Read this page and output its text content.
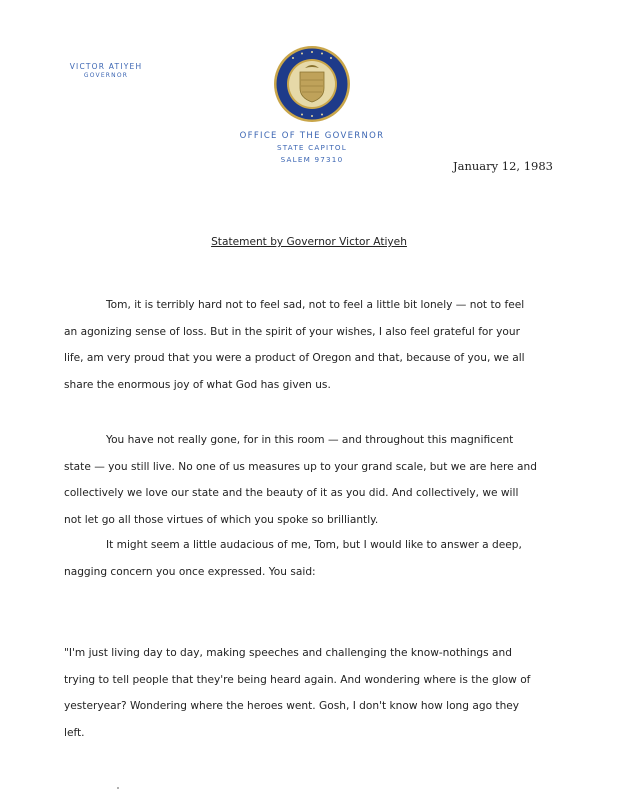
VICTOR ATIYEH
GOVERNOR
OFFICE OF THE GOVERNOR
STATE CAPITOL
SALEM 97310	January 12, 1983
Statement by Governor Victor Atiyeh
Tom, it is terribly hard not to feel sad, not to feel a little bit lonely — not to feel
an agonizing sense of loss. But in the spirit of your wishes, I also feel grateful for your
life, am very proud that you were a product of Oregon and that, because of you, we all
share the enormous joy of what God has given us.
You have not really gone, for in this room — and throughout this magnificent
state — you still live. No one of us measures up to your grand scale, but we are here and
collectively we love our state and the beauty of it as you did. And collectively, we will
not let go all those virtues of which you spoke so brilliantly.
It might seem a little audacious of me, Tom, but I would like to answer a deep,
nagging concern you once expressed. You said:
"I'm just living day to day, making speeches and challenging the know-nothings and
trying to tell people that they're being heard again. And wondering where is the glow of
yesteryear? Wondering where the heroes went. Gosh, I don't know how long ago they
left.
